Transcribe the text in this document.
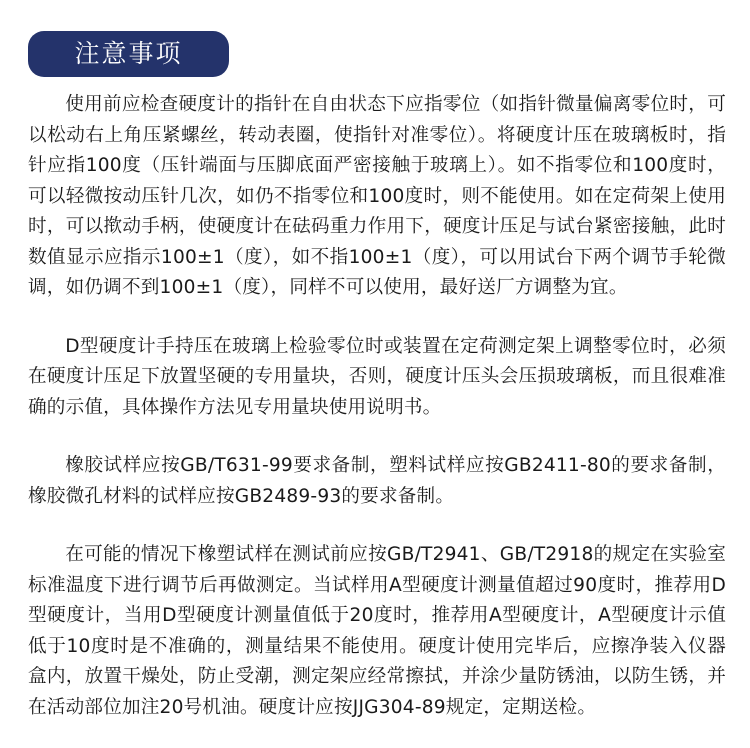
注意事项

使用前应检查硬度计的指针在自由状态下应指零位（如指针微量偏离零位时，可以松动右上角压紧螺丝，转动表圈，使指针对准零位）。将硬度计压在玻璃板时，指针应指100度（压针端面与压脚底面严密接触于玻璃上）。如不指零位和100度时，可以轻微按动压针几次，如仍不指零位和100度时，则不能使用。如在定荷架上使用时，可以揿动手柄，使硬度计在砝码重力作用下，硬度计压足与试台紧密接触，此时数值显示应指示100±1（度），如不指100±1（度），可以用试台下两个调节手轮微调，如仍调不到100±1（度），同样不可以使用，最好送厂方调整为宜。

D型硬度计手持压在玻璃上检验零位时或装置在定荷测定架上调整零位时，必须在硬度计压足下放置坚硬的专用量块，否则，硬度计压头会压损玻璃板，而且很难准确的示值，具体操作方法见专用量块使用说明书。

橡胶试样应按GB/T631-99要求备制，塑料试样应按GB2411-80的要求备制，橡胶微孔材料的试样应按GB2489-93的要求备制。

在可能的情况下橡塑试样在测试前应按GB/T2941、GB/T2918的规定在实验室标准温度下进行调节后再做测定。当试样用A型硬度计测量值超过90度时，推荐用D型硬度计，当用D型硬度计测量值低于20度时，推荐用A型硬度计，A型硬度计示值低于10度时是不准确的，测量结果不能使用。硬度计使用完毕后，应擦净装入仪器盒内，放置干燥处，防止受潮，测定架应经常擦拭，并涂少量防锈油，以防生锈，并在活动部位加注20号机油。硬度计应按JJG304-89规定，定期送检。
